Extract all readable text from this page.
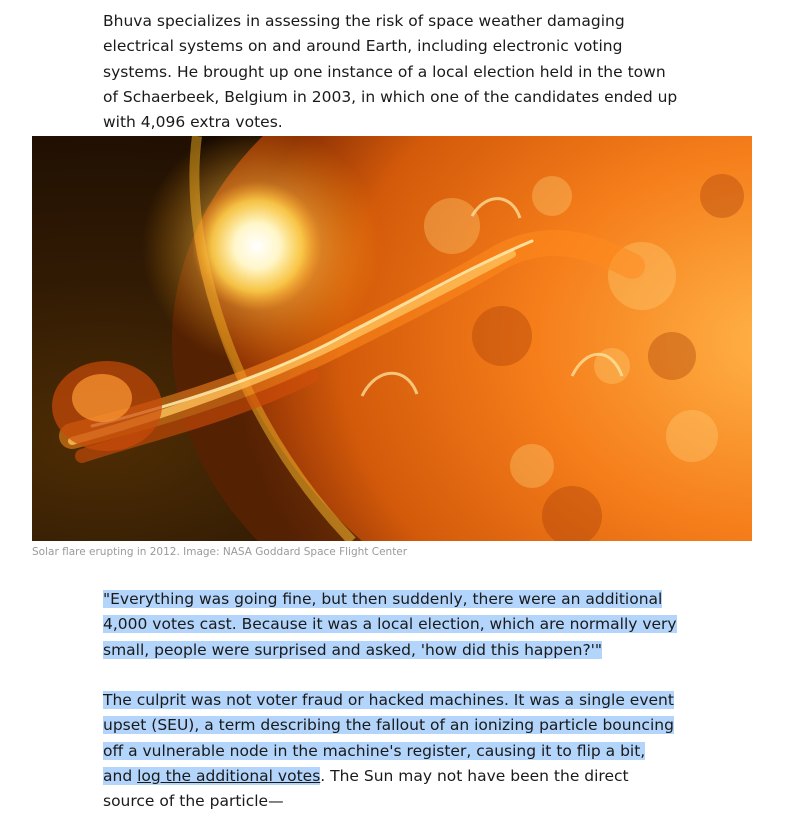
Bhuva specializes in assessing the risk of space weather damaging electrical systems on and around Earth, including electronic voting systems. He brought up one instance of a local election held in the town of Schaerbeek, Belgium in 2003, in which one of the candidates ended up with 4,096 extra votes.

Solar flare erupting in 2012. Image: NASA Goddard Space Flight Center

"Everything was going fine, but then suddenly, there were an additional 4,000 votes cast. Because it was a local election, which are normally very small, people were surprised and asked, 'how did this happen?'"

The culprit was not voter fraud or hacked machines. It was a single event upset (SEU), a term describing the fallout of an ionizing particle bouncing off a vulnerable node in the machine's register, causing it to flip a bit, and log the additional votes. The Sun may not have been the direct source of the particle—
